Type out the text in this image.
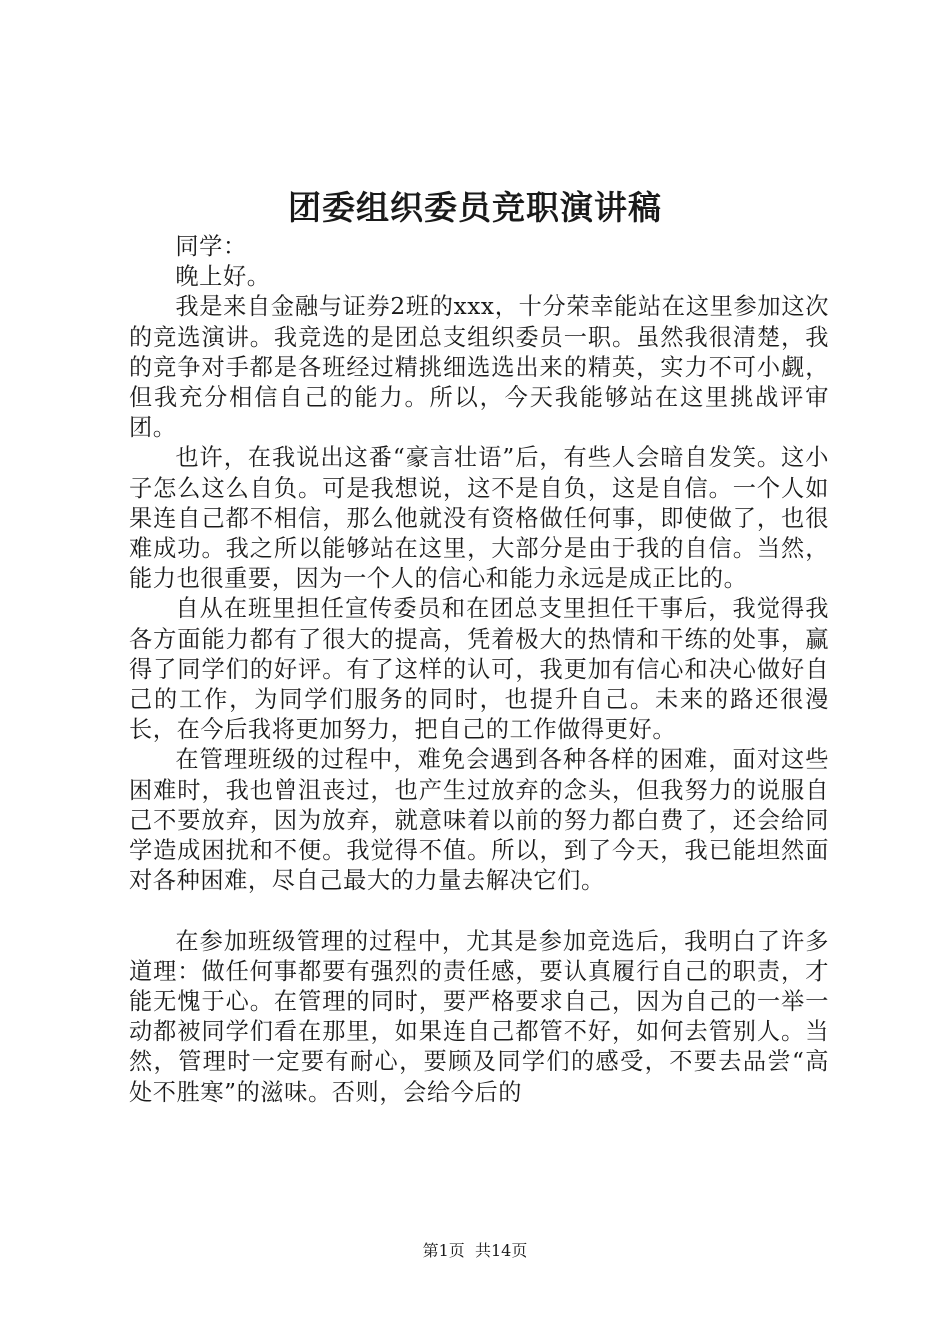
团委组织委员竞职演讲稿

同学：

晚上好。

我是来自金融与证券2班的xxx，十分荣幸能站在这里参加这次的竞选演讲。我竞选的是团总支组织委员一职。虽然我很清楚，我的竞争对手都是各班经过精挑细选选出来的精英，实力不可小觑，但我充分相信自己的能力。所以，今天我能够站在这里挑战评审团。

也许，在我说出这番“豪言壮语”后，有些人会暗自发笑。这小子怎么这么自负。可是我想说，这不是自负，这是自信。一个人如果连自己都不相信，那么他就没有资格做任何事，即使做了，也很难成功。我之所以能够站在这里，大部分是由于我的自信。当然，能力也很重要，因为一个人的信心和能力永远是成正比的。

自从在班里担任宣传委员和在团总支里担任干事后，我觉得我各方面能力都有了很大的提高，凭着极大的热情和干练的处事，赢得了同学们的好评。有了这样的认可，我更加有信心和决心做好自己的工作，为同学们服务的同时，也提升自己。未来的路还很漫长，在今后我将更加努力，把自己的工作做得更好。

在管理班级的过程中，难免会遇到各种各样的困难，面对这些困难时，我也曾沮丧过，也产生过放弃的念头，但我努力的说服自己不要放弃，因为放弃，就意味着以前的努力都白费了，还会给同学造成困扰和不便。我觉得不值。所以，到了今天，我已能坦然面对各种困难，尽自己最大的力量去解决它们。

在参加班级管理的过程中，尤其是参加竞选后，我明白了许多道理：做任何事都要有强烈的责任感，要认真履行自己的职责，才能无愧于心。在管理的同时，要严格要求自己，因为自己的一举一动都被同学们看在那里，如果连自己都管不好，如何去管别人。当然，管理时一定要有耐心，要顾及同学们的感受，不要去品尝“高处不胜寒”的滋味。否则，会给今后的

第1页 共14页
